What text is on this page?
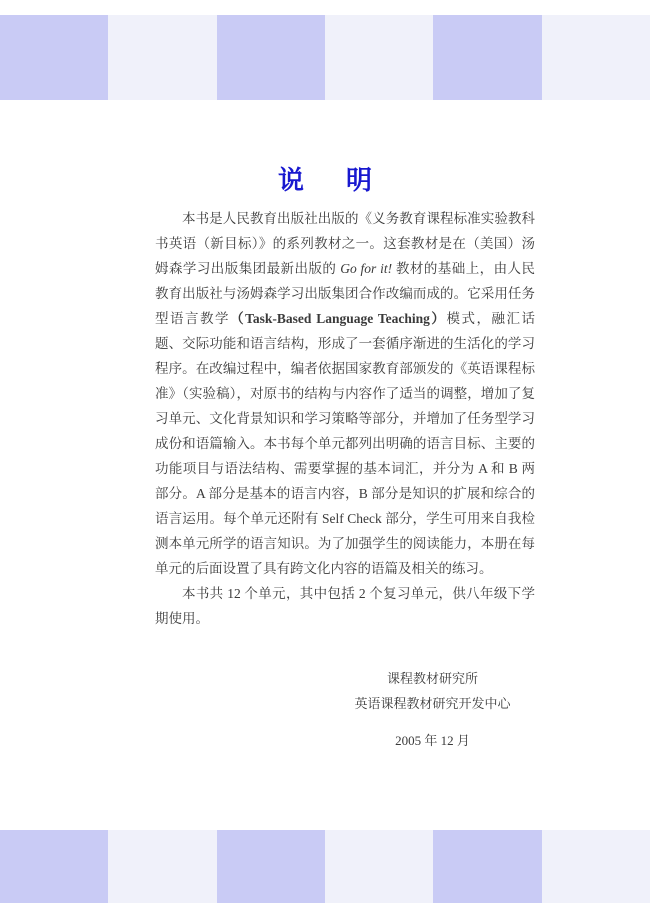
说明

本书是人民教育出版社出版的《义务教育课程标准实验教科书英语（新目标）》的系列教材之一。这套教材是在（美国）汤姆森学习出版集团最新出版的 Go for it! 教材的基础上，由人民教育出版社与汤姆森学习出版集团合作改编而成的。它采用任务型语言教学（Task-Based Language Teaching）模式，融汇话题、交际功能和语言结构，形成了一套循序渐进的生活化的学习程序。在改编过程中，编者依据国家教育部颁发的《英语课程标准》（实验稿），对原书的结构与内容作了适当的调整，增加了复习单元、文化背景知识和学习策略等部分，并增加了任务型学习成份和语篇输入。本书每个单元都列出明确的语言目标、主要的功能项目与语法结构、需要掌握的基本词汇，并分为 A 和 B 两部分。A 部分是基本的语言内容，B 部分是知识的扩展和综合的语言运用。每个单元还附有 Self Check 部分，学生可用来自我检测本单元所学的语言知识。为了加强学生的阅读能力，本册在每单元的后面设置了具有跨文化内容的语篇及相关的练习。

本书共 12 个单元，其中包括 2 个复习单元，供八年级下学期使用。

课程教材研究所
英语课程教材研究开发中心
2005 年 12 月
